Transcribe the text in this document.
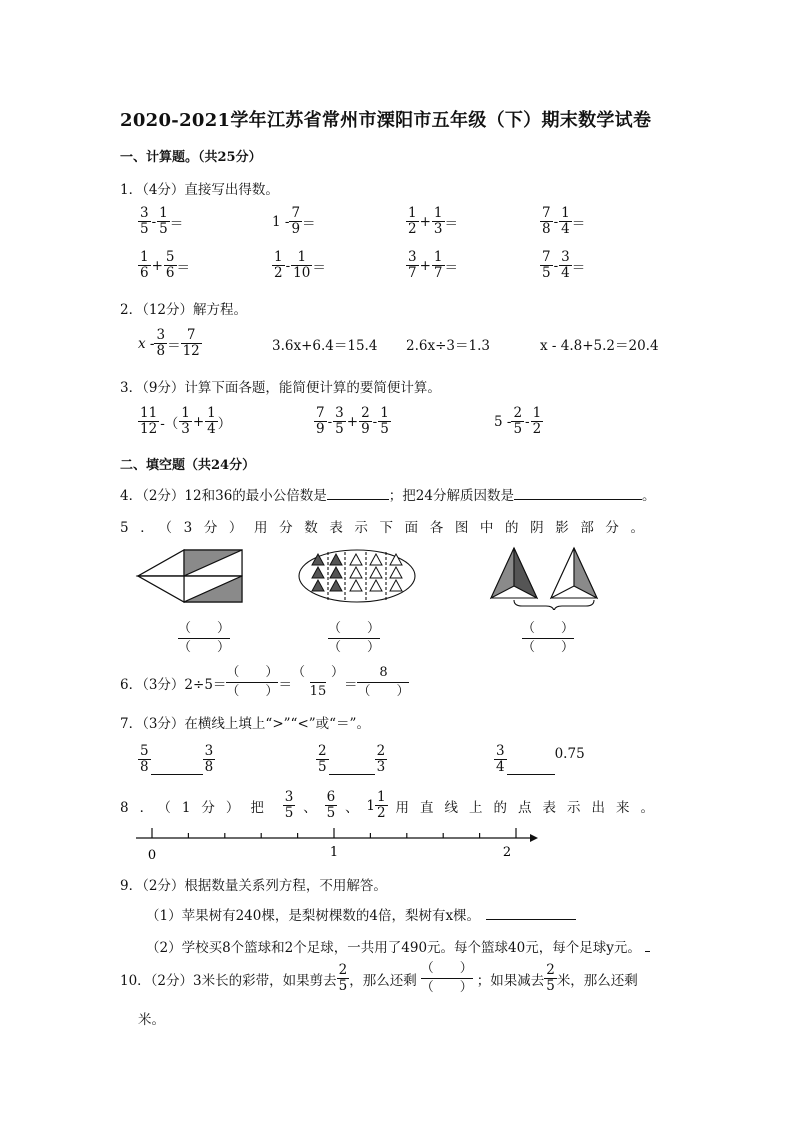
2020-2021学年江苏省常州市溧阳市五年级（下）期末数学试卷
一、计算题。（共25分）
1．（4分）直接写出得数。
$\frac{3}{5} - \frac{1}{5}$ ＝	$1 - \frac{7}{9}$ ＝	$\frac{1}{2} + \frac{1}{3}$ ＝	$\frac{7}{8} - \frac{1}{4}$ ＝
$\frac{1}{6} + \frac{5}{6}$ ＝	$\frac{1}{2} - \frac{1}{10}$ ＝	$\frac{3}{7} + \frac{1}{7}$ ＝	$\frac{7}{5} - \frac{3}{4}$ ＝
2．（12分）解方程。
$x - \frac{3}{8} = \frac{7}{12}$	3.6x+6.4＝15.4 2.6x÷3＝1.3	x - 4.8+5.2＝20.4
3．（9分）计算下面各题，能简便计算的要简便计算。
$\frac{11}{12}$ -（ $\frac{1}{3} + \frac{1}{4}$ ）	$\frac{7}{9} - \frac{3}{5} + \frac{2}{9} - \frac{1}{5}$	$5 - \frac{2}{5} - \frac{1}{2}$
二、填空题（共24分）
4．（2分）12和36的最小公倍数是	；把24分解质因数是	。
5．（3分）用分数表示下面各图中的阴影部分。
（　　）
（　　）
（　　）
（　　）
（　　）
（　　）
6．（3分）2÷5＝
（　　）
（　　） ＝
（　　）
15 ＝
8
（　　）
7．（3分）在横线上填上“>”“<”或“＝”。
$\frac{5}{8}$	$\frac{3}{8}$	$\frac{2}{5}$	$\frac{2}{3}$	$\frac{3}{4}$	0.75
8．（1分）把 $\frac{3}{5}$ 、 $\frac{6}{5}$ 、 $1 \frac{1}{2}$ 用直线上的点表示出来。
0	1	2
9．（2分）根据数量关系列方程，不用解答。
（1）苹果树有240棵，是梨树棵数的4倍，梨树有x棵。
（2）学校买8个篮球和2个足球，一共用了490元。每个篮球40元，每个足球y元。
10．（2分）3米长的彩带，如果剪去 $\frac{2}{5}$ ，那么还剩
（　　）
（　　） ；如果减去 $\frac{2}{5}$ 米，那么还剩
米。
